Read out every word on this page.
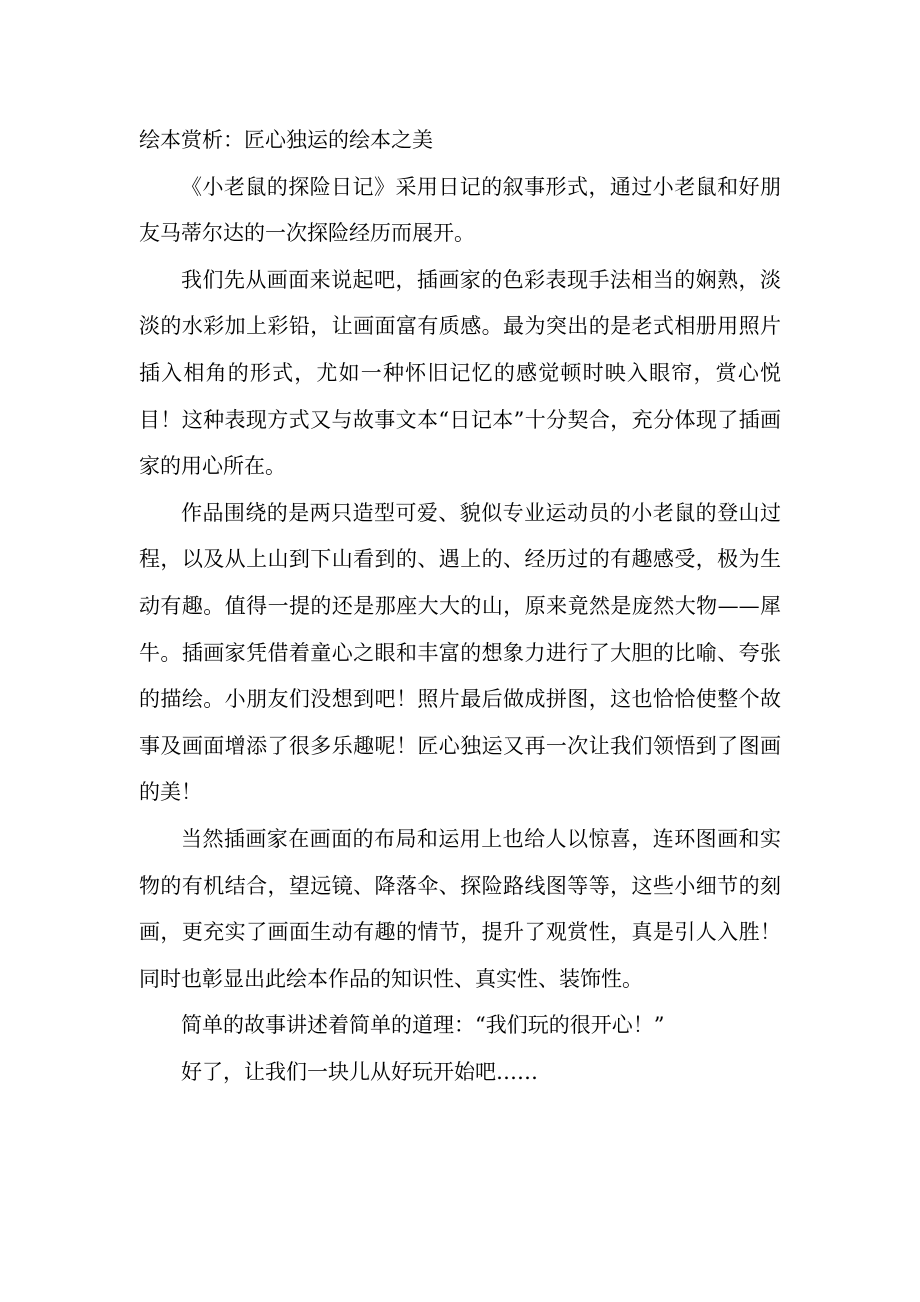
绘本赏析：匠心独运的绘本之美

《小老鼠的探险日记》采用日记的叙事形式，通过小老鼠和好朋友马蒂尔达的一次探险经历而展开。

我们先从画面来说起吧，插画家的色彩表现手法相当的娴熟，淡淡的水彩加上彩铅，让画面富有质感。最为突出的是老式相册用照片插入相角的形式，尤如一种怀旧记忆的感觉顿时映入眼帘，赏心悦目！这种表现方式又与故事文本“日记本”十分契合，充分体现了插画家的用心所在。

作品围绕的是两只造型可爱、貌似专业运动员的小老鼠的登山过程，以及从上山到下山看到的、遇上的、经历过的有趣感受，极为生动有趣。值得一提的还是那座大大的山，原来竟然是庞然大物——犀牛。插画家凭借着童心之眼和丰富的想象力进行了大胆的比喻、夸张的描绘。小朋友们没想到吧！照片最后做成拼图，这也恰恰使整个故事及画面增添了很多乐趣呢！匠心独运又再一次让我们领悟到了图画的美！

当然插画家在画面的布局和运用上也给人以惊喜，连环图画和实物的有机结合，望远镜、降落伞、探险路线图等等，这些小细节的刻画，更充实了画面生动有趣的情节，提升了观赏性，真是引人入胜！同时也彰显出此绘本作品的知识性、真实性、装饰性。

简单的故事讲述着简单的道理：“我们玩的很开心！”

好了，让我们一块儿从好玩开始吧……
